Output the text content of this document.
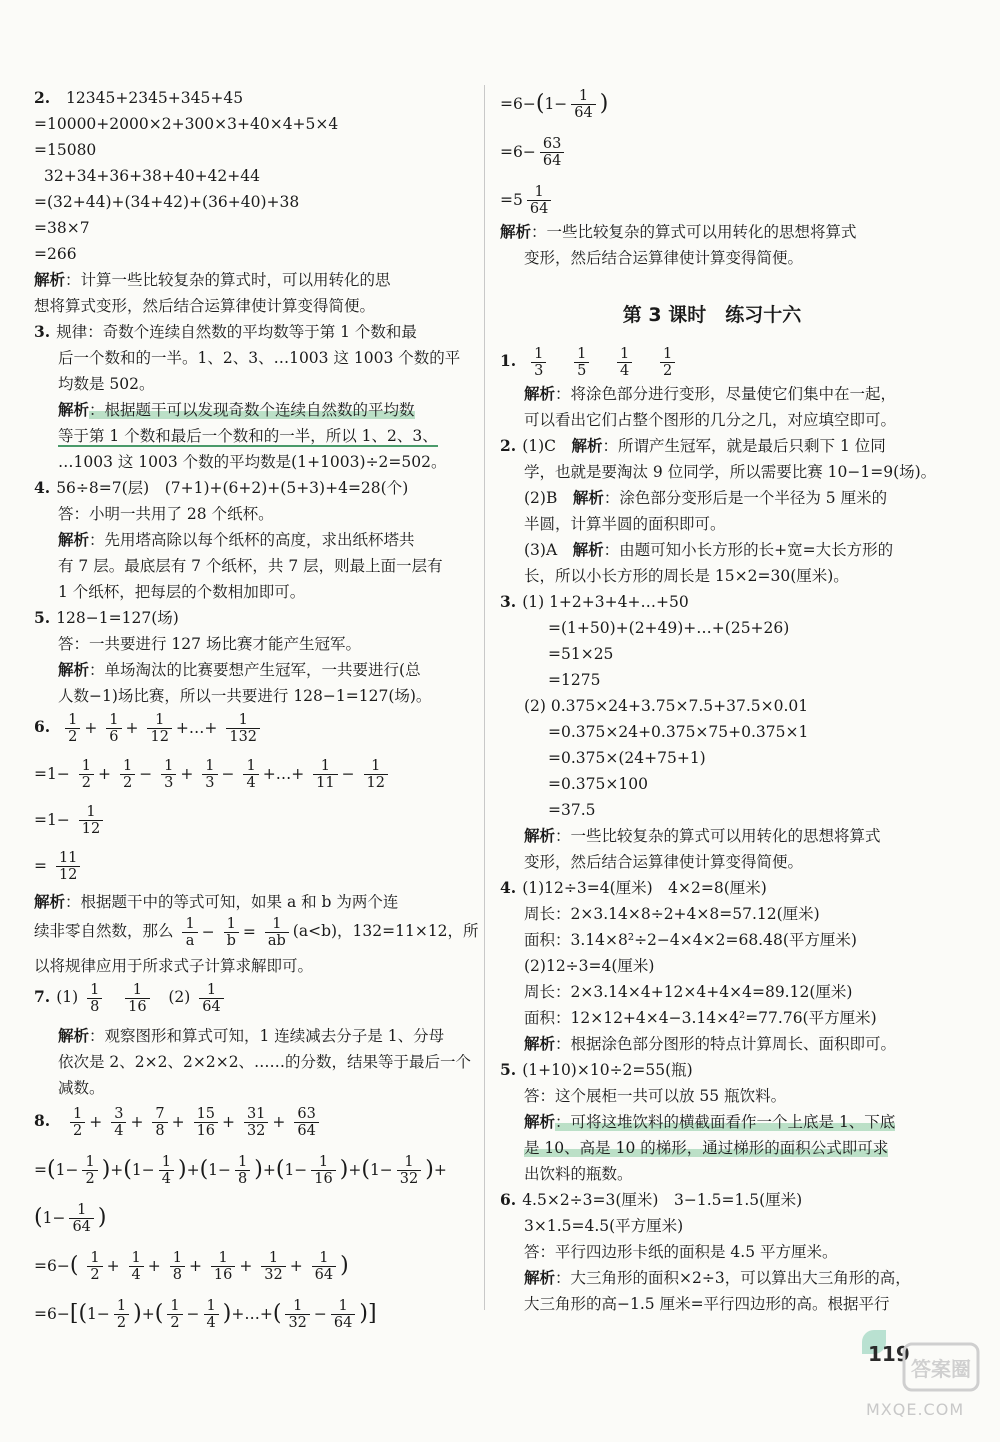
2. 12345+2345+345+45
=10000+2000×2+300×3+40×4+5×4
=15080
32+34+36+38+40+42+44
=(32+44)+(34+42)+(36+40)+38
=38×7
=266
解析：计算一些比较复杂的算式时，可以用转化的思
想将算式变形，然后结合运算律使计算变得简便。
3. 规律：奇数个连续自然数的平均数等于第 1 个数和最
后一个数和的一半。1、2、3、…1003 这 1003 个数的平
均数是 502。
解析：根据题干可以发现奇数个连续自然数的平均数
等于第 1 个数和最后一个数和的一半，所以 1、2、3、
…1003 这 1003 个数的平均数是(1+1003)÷2=502。
4. 56÷8=7(层)　(7+1)+(6+2)+(5+3)+4=28(个)
答：小明一共用了 28 个纸杯。
解析：先用塔高除以每个纸杯的高度，求出纸杯塔共
有 7 层。最底层有 7 个纸杯，共 7 层，则最上面一层有
1 个纸杯，把每层的个数相加即可。
5. 128−1=127(场)
答：一共要进行 127 场比赛才能产生冠军。
解析：单场淘汰的比赛要想产生冠军，一共要进行(总
人数−1)场比赛，所以一共要进行 128−1=127(场)。
6. $\frac{1}{2} + \frac{1}{6} + \frac{1}{12}$ +…+ $\frac{1}{132}$
$=1- \frac{1}{2} + \frac{1}{2} - \frac{1}{3} + \frac{1}{3} - \frac{1}{4}$ +…+ $\frac{1}{11} - \frac{1}{12}$
$=1- \frac{1}{12}$
= $\frac{11}{12}$
解析：根据题干中的等式可知，如果 a 和 b 为两个连
续非零自然数，那么 $\frac{1}{a} - \frac{1}{b} = \frac{1}{ab} (a<b)$，132=11×12，所
以将规律应用于所求式子计算求解即可。
7. $(1) \frac{1}{8}$
$\frac{1}{16} (2) \frac{1}{64}$
解析：观察图形和算式可知，1 连续减去分子是 1、分母
依次是 2、2×2、2×2×2、……的分数，结果等于最后一个
减数。
8. $\frac{1}{2} + \frac{3}{4} + \frac{7}{8} + \frac{15}{16} + \frac{31}{32} + \frac{63}{64}$
$=(1- \frac{1}{2} )+(1- \frac{1}{4} )+(1- \frac{1}{8} )+(1- \frac{1}{16} )+(1- \frac{1}{32}$ )+
($1- \frac{1}{64}$ )
$=6-( \frac{1}{2} + \frac{1}{4} + \frac{1}{8} + \frac{1}{16} + \frac{1}{32} + \frac{1}{64}$ )
$=6-[(1- \frac{1}{2}$ )+( $\frac{1}{2} - \frac{1}{4}$ )+…+( $\frac{1}{32} - \frac{1}{64}$ )]
$=6-(1- \frac{1}{64}$ )
$=6- \frac{63}{64}$
$=5 \frac{1}{64}$
解析：一些比较复杂的算式可以用转化的思想将算式
变形，然后结合运算律使计算变得简便。
第 3 课时　练习十六
1. $\frac{1}{3}$
$\frac{1}{5}$
$\frac{1}{4}$
$\frac{1}{2}$
解析：将涂色部分进行变形，尽量使它们集中在一起，
可以看出它们占整个图形的几分之几，对应填空即可。
2. (1)C　解析：所谓产生冠军，就是最后只剩下 1 位同
学，也就是要淘汰 9 位同学，所以需要比赛 10−1=9(场)。
(2)B　解析：涂色部分变形后是一个半径为 5 厘米的
半圆，计算半圆的面积即可。
(3)A　解析：由题可知小长方形的长+宽=大长方形的
长，所以小长方形的周长是 15×2=30(厘米)。
3. (1) 1+2+3+4+…+50
=(1+50)+(2+49)+…+(25+26)
=51×25
=1275
(2) 0.375×24+3.75×7.5+37.5×0.01
=0.375×24+0.375×75+0.375×1
=0.375×(24+75+1)
=0.375×100
=37.5
解析：一些比较复杂的算式可以用转化的思想将算式
变形，然后结合运算律使计算变得简便。
4. (1)12÷3=4(厘米)　4×2=8(厘米)
周长：2×3.14×8÷2+4×8=57.12(厘米)
面积：3.14×8²÷2−4×4×2=68.48(平方厘米)
(2)12÷3=4(厘米)
周长：2×3.14×4+12×4+4×4=89.12(厘米)
面积：12×12+4×4−3.14×4²=77.76(平方厘米)
解析：根据涂色部分图形的特点计算周长、面积即可。
5. (1+10)×10÷2=55(瓶)
答：这个展柜一共可以放 55 瓶饮料。
解析：可将这堆饮料的横截面看作一个上底是 1、下底
是 10、高是 10 的梯形，通过梯形的面积公式即可求
出饮料的瓶数。
6. 4.5×2÷3=3(厘米)　3−1.5=1.5(厘米)
3×1.5=4.5(平方厘米)
答：平行四边形卡纸的面积是 4.5 平方厘米。
解析：大三角形的面积×2÷3，可以算出大三角形的高，
大三角形的高−1.5 厘米=平行四边形的高。根据平行
119
答案圈
MXQE.COM
